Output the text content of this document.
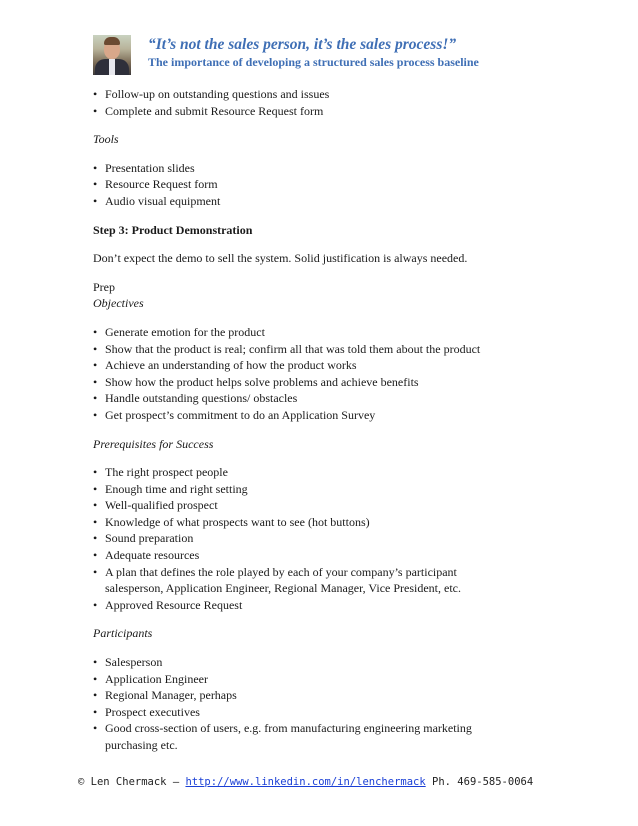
“It’s not the sales person, it’s the sales process!”
The importance of developing a structured sales process baseline
• Follow-up on outstanding questions and issues
• Complete and submit Resource Request form

Tools

• Presentation slides
• Resource Request form
• Audio visual equipment

Step 3: Product Demonstration

Don’t expect the demo to sell the system. Solid justification is always needed.

Prep

Objectives

• Generate emotion for the product
• Show that the product is real; confirm all that was told them about the product
• Achieve an understanding of how the product works
• Show how the product helps solve problems and achieve benefits
• Handle outstanding questions/ obstacles
• Get prospect’s commitment to do an Application Survey

Prerequisites for Success

• The right prospect people
• Enough time and right setting
• Well-qualified prospect
• Knowledge of what prospects want to see (hot buttons)
• Sound preparation
• Adequate resources
• A plan that defines the role played by each of your company’s participant
salesperson, Application Engineer, Regional Manager, Vice President, etc.
• Approved Resource Request

Participants

• Salesperson
• Application Engineer
• Regional Manager, perhaps
• Prospect executives
• Good cross-section of users, e.g. from manufacturing engineering marketing
purchasing etc.
© Len Chermack – http://www.linkedin.com/in/lenchermack Ph. 469-585-0064
